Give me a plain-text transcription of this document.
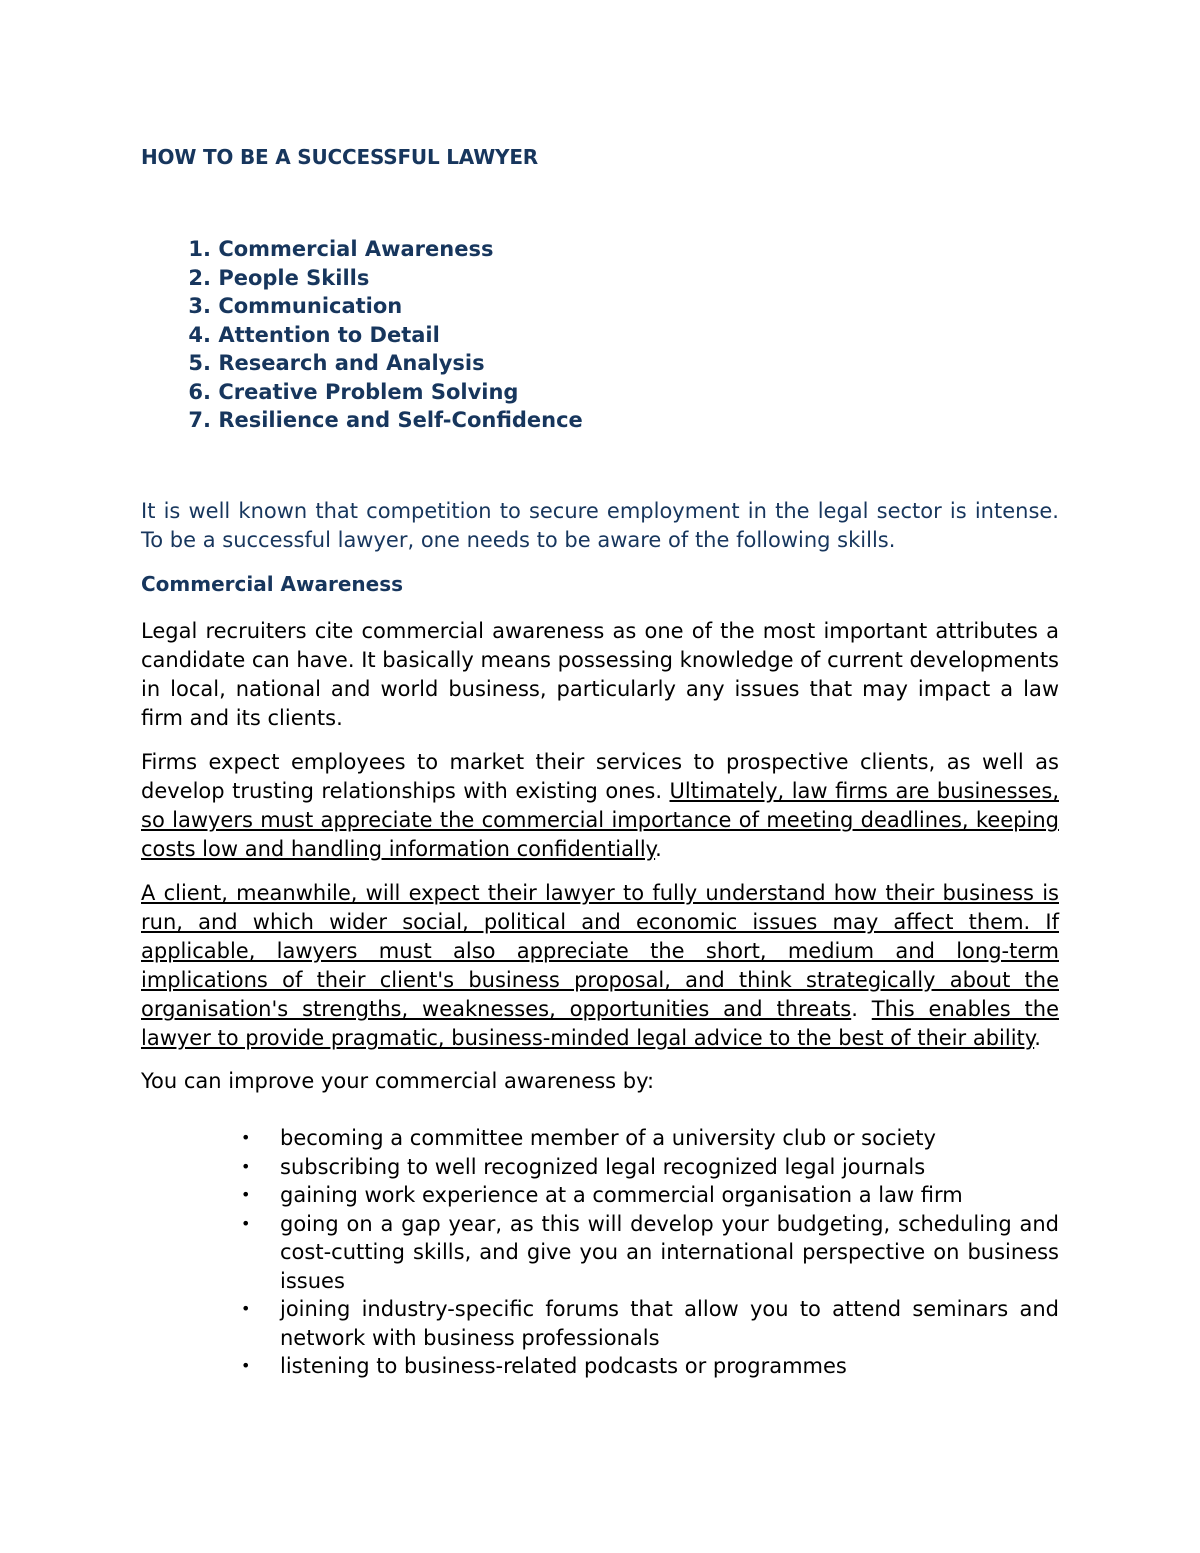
HOW TO BE A SUCCESSFUL LAWYER
1. Commercial Awareness
2. People Skills
3. Communication
4. Attention to Detail
5. Research and Analysis
6. Creative Problem Solving
7. Resilience and Self-Confidence

It is well known that competition to secure employment in the legal sector is intense. To be a successful lawyer, one needs to be aware of the following skills.

Commercial Awareness

Legal recruiters cite commercial awareness as one of the most important attributes a candidate can have. It basically means possessing knowledge of current developments in local, national and world business, particularly any issues that may impact a law firm and its clients.

Firms expect employees to market their services to prospective clients, as well as develop trusting relationships with existing ones. Ultimately, law firms are businesses, so lawyers must appreciate the commercial importance of meeting deadlines, keeping costs low and handling information confidentially.

A client, meanwhile, will expect their lawyer to fully understand how their business is run, and which wider social, political and economic issues may affect them. If applicable, lawyers must also appreciate the short, medium and long-term implications of their client's business proposal, and think strategically about the organisation's strengths, weaknesses, opportunities and threats. This enables the lawyer to provide pragmatic, business-minded legal advice to the best of their ability.

You can improve your commercial awareness by:

• becoming a committee member of a university club or society
• subscribing to well recognized legal recognized legal journals
• gaining work experience at a commercial organisation a law firm
• going on a gap year, as this will develop your budgeting, scheduling and cost-cutting skills, and give you an international perspective on business issues
• joining industry-specific forums that allow you to attend seminars and network with business professionals
• listening to business-related podcasts or programmes
